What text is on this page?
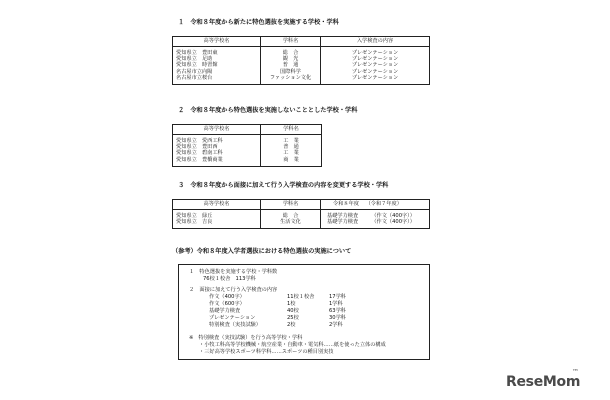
１　令和８年度から新たに特色選抜を実施する学校・学科
高等学校名	学科名	入学検査の内容
愛知県立　豊田東	総　合	プレゼンテーション
愛知県立　足助	観　光	プレゼンテーション
愛知県立　時習館	普　通	プレゼンテーション
名古屋市立向陽	国際科学	プレゼンテーション
名古屋市立桜台	ファッション文化	プレゼンテーション
２　令和８年度から特色選抜を実施しないこととした学校・学科
高等学校名	学科名
愛知県立　愛西工科	工　業
愛知県立　豊田西	普　通
愛知県立　碧南工科	工　業
愛知県立　豊橋商業	商　業
３　令和８年度から面接に加えて行う入学検査の内容を変更する学校・学科
高等学校名	学科名	令和８年度 （令和７年度）
愛知県立　緑丘	総　合	基礎学力検査 （作文（400字））
愛知県立　吉良	生活文化	基礎学力検査 （作文（400字））
（参考）令和８年度入学者選抜における特色選抜の実施について
１　特色選抜を実施する学校・学科数
76校１校舎　113学科
２　面接に加えて行う入学検査の内容
作文（400字）	11校１校舎	17学科
作文（600字）	1校	1学科
基礎学力検査	40校	63学科
プレゼンテーション	25校	30学科
特別検査（実技試験）	2校	2学科
※　特別検査（実技試験）を行う高等学校・学科
・小牧工科高等学校機械・航空産業・自動車・電気科……紙を使った立体の構成
・三好高等学校スポーツ科学科……スポーツの種目別実技
ReseMom
™
